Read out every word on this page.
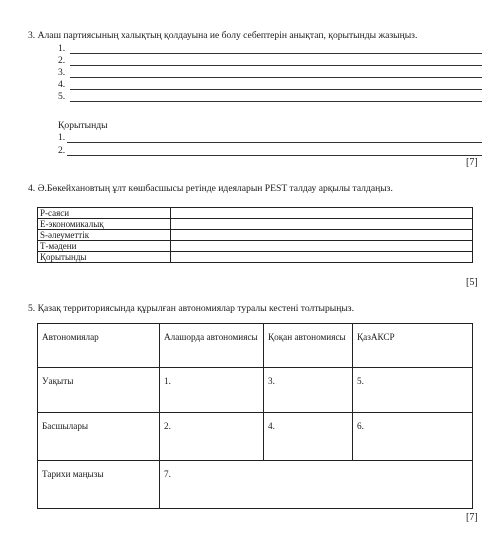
3. Алаш партиясының халықтың қолдауына ие болу себептерін анықтап, қорытынды жазыңыз.
1.
2.
3.
4.
5.
Қорытынды
1.
2.
[7]
4. Ә.Бөкейхановтың ұлт көшбасшысы ретінде идеяларын PEST талдау арқылы талдаңыз.
Р-саяси	
Е-экономикалық	
S-әлеуметтік	
Т-мәдени	
Қорытынды	
[5]
5. Қазақ территориясында құрылған автономиялар туралы кестені толтырыңыз.
Автономиялар	Алашорда автономиясы	Қоқан автономиясы	ҚазАКСР
Уақыты	1.	3.	5.
Басшылары	2.	4.	6.
Тарихи маңызы	7.		
[7]
